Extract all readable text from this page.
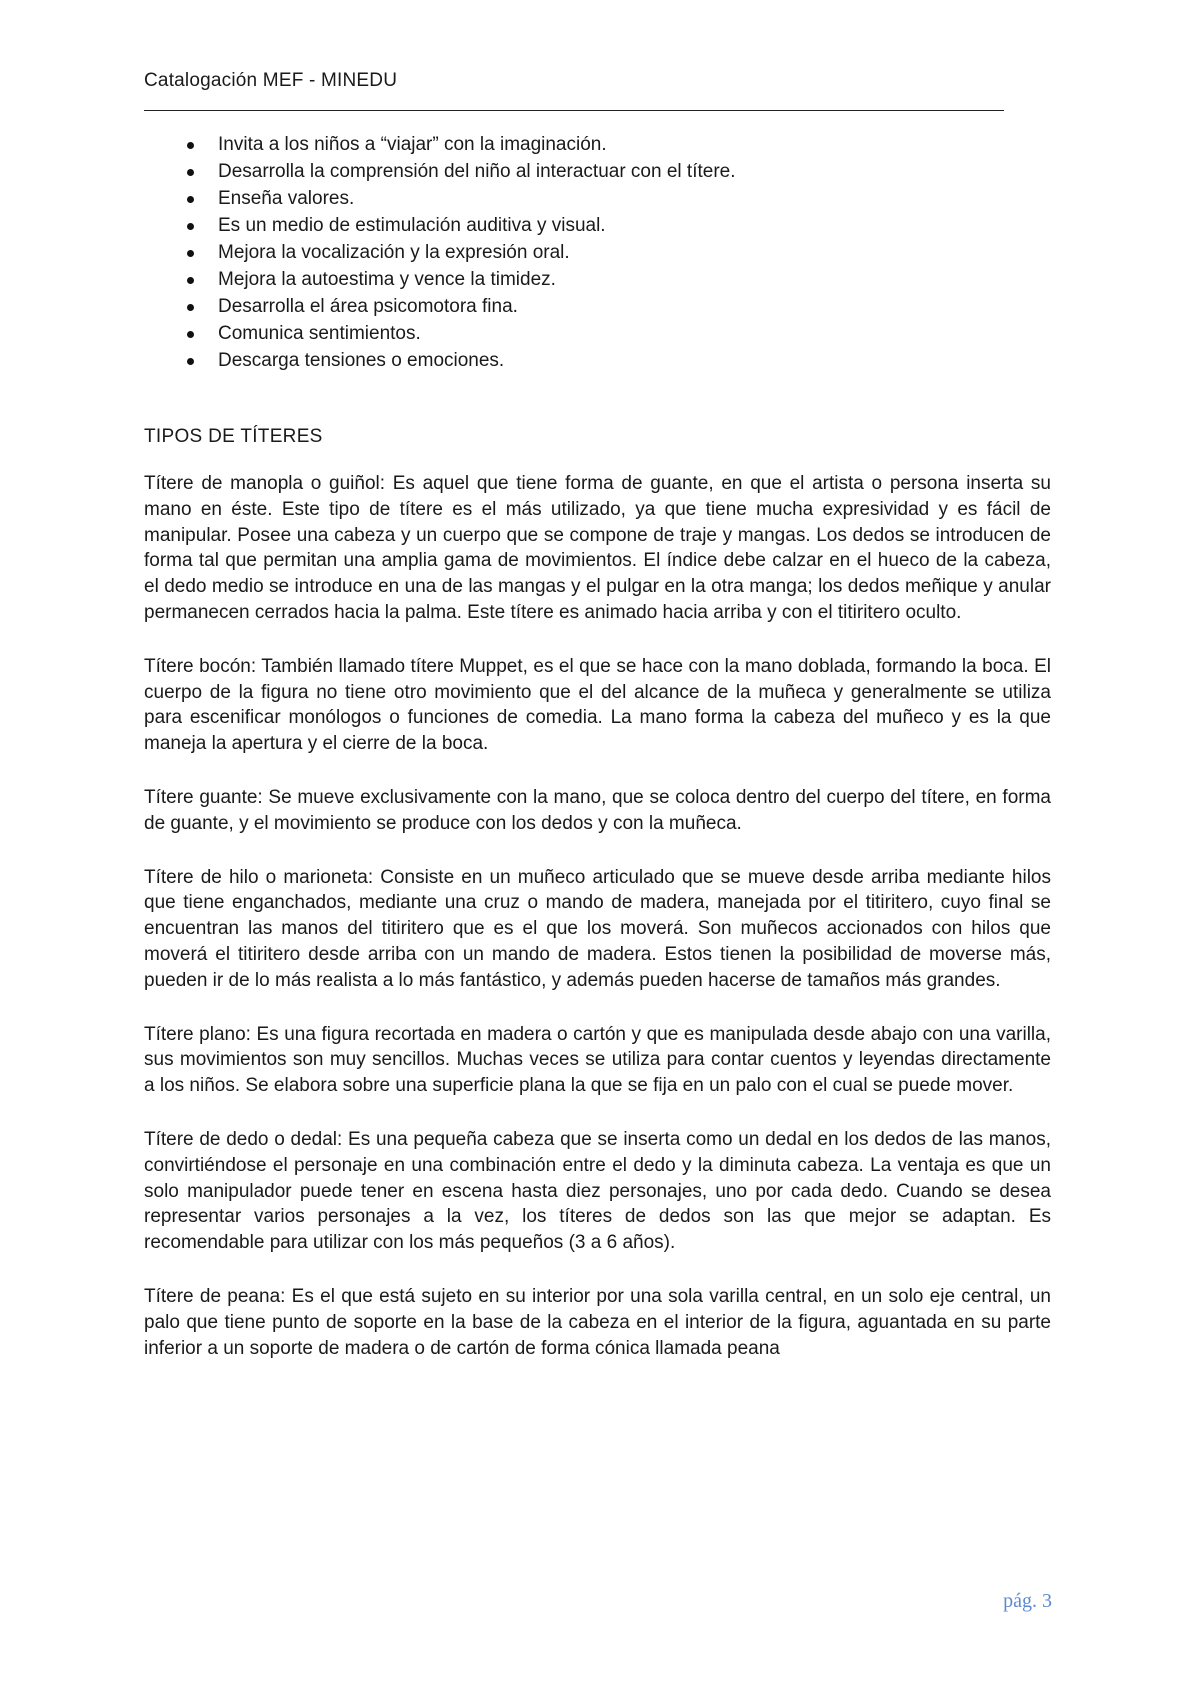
Catalogación MEF - MINEDU
Invita a los niños a “viajar” con la imaginación.
Desarrolla la comprensión del niño al interactuar con el títere.
Enseña valores.
Es un medio de estimulación auditiva y visual.
Mejora la vocalización y la expresión oral.
Mejora la autoestima y vence la timidez.
Desarrolla el área psicomotora fina.
Comunica sentimientos.
Descarga tensiones o emociones.
TIPOS DE TÍTERES

Títere de manopla o guiñol: Es aquel que tiene forma de guante, en que el artista o persona inserta su mano en éste. Este tipo de títere es el más utilizado, ya que tiene mucha expresividad y es fácil de manipular. Posee una cabeza y un cuerpo que se compone de traje y mangas. Los dedos se introducen de forma tal que permitan una amplia gama de movimientos. El índice debe calzar en el hueco de la cabeza, el dedo medio se introduce en una de las mangas y el pulgar en la otra manga; los dedos meñique y anular permanecen cerrados hacia la palma. Este títere es animado hacia arriba y con el titiritero oculto.

Títere bocón: También llamado títere Muppet, es el que se hace con la mano doblada, formando la boca. El cuerpo de la figura no tiene otro movimiento que el del alcance de la muñeca y generalmente se utiliza para escenificar monólogos o funciones de comedia. La mano forma la cabeza del muñeco y es la que maneja la apertura y el cierre de la boca.

Títere guante: Se mueve exclusivamente con la mano, que se coloca dentro del cuerpo del títere, en forma de guante, y el movimiento se produce con los dedos y con la muñeca.

Títere de hilo o marioneta: Consiste en un muñeco articulado que se mueve desde arriba mediante hilos que tiene enganchados, mediante una cruz o mando de madera, manejada por el titiritero, cuyo final se encuentran las manos del titiritero que es el que los moverá. Son muñecos accionados con hilos que moverá el titiritero desde arriba con un mando de madera. Estos tienen la posibilidad de moverse más, pueden ir de lo más realista a lo más fantástico, y además pueden hacerse de tamaños más grandes.

Títere plano: Es una figura recortada en madera o cartón y que es manipulada desde abajo con una varilla, sus movimientos son muy sencillos. Muchas veces se utiliza para contar cuentos y leyendas directamente a los niños. Se elabora sobre una superficie plana la que se fija en un palo con el cual se puede mover.

Títere de dedo o dedal: Es una pequeña cabeza que se inserta como un dedal en los dedos de las manos, convirtiéndose el personaje en una combinación entre el dedo y la diminuta cabeza. La ventaja es que un solo manipulador puede tener en escena hasta diez personajes, uno por cada dedo. Cuando se desea representar varios personajes a la vez, los títeres de dedos son las que mejor se adaptan. Es recomendable para utilizar con los más pequeños (3 a 6 años).

Títere de peana: Es el que está sujeto en su interior por una sola varilla central, en un solo eje central, un palo que tiene punto de soporte en la base de la cabeza en el interior de la figura, aguantada en su parte inferior a un soporte de madera o de cartón de forma cónica llamada peana

pág. 3
